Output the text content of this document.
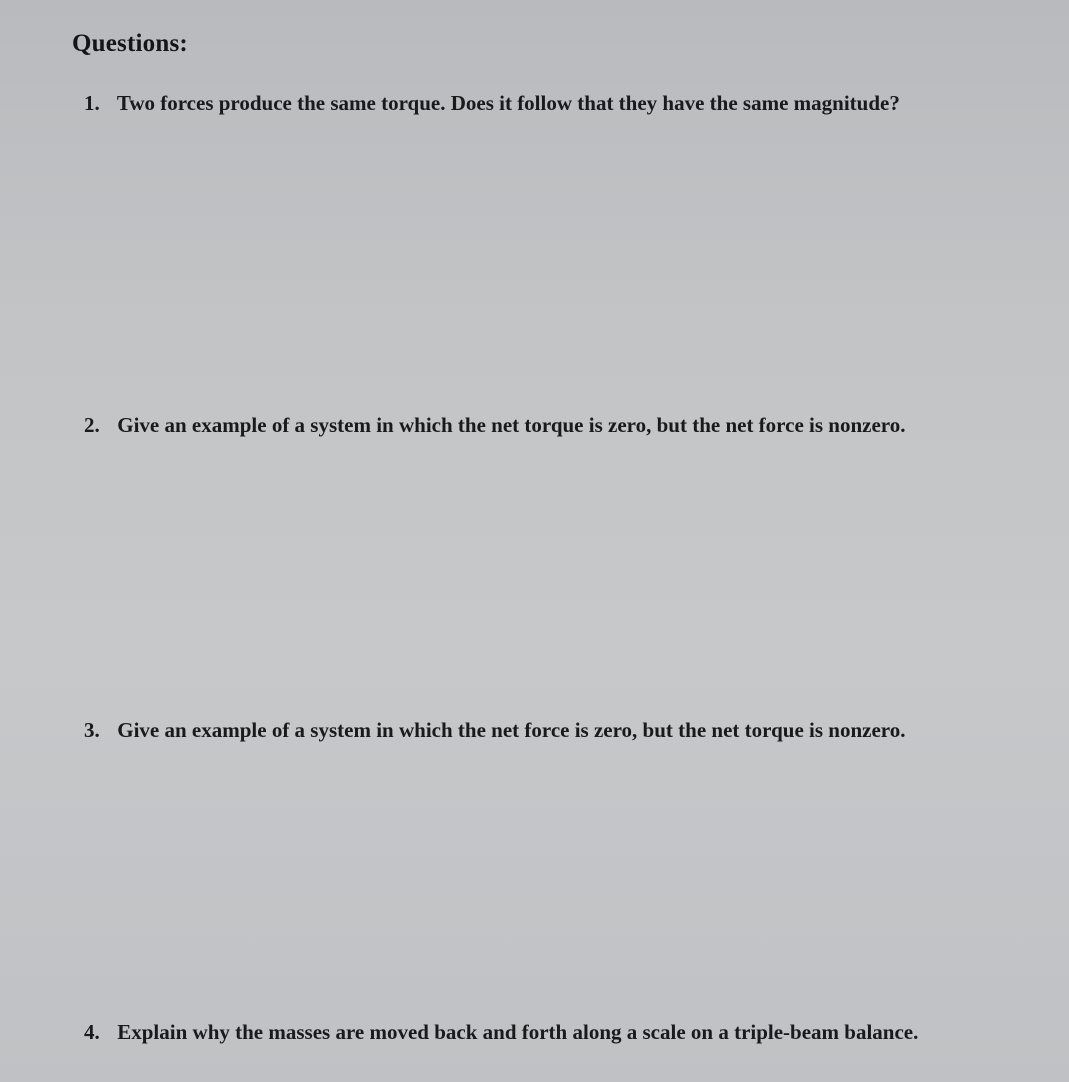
Questions:
1. Two forces produce the same torque. Does it follow that they have the same magnitude?
2. Give an example of a system in which the net torque is zero, but the net force is nonzero.
3. Give an example of a system in which the net force is zero, but the net torque is nonzero.
4. Explain why the masses are moved back and forth along a scale on a triple-beam balance.
